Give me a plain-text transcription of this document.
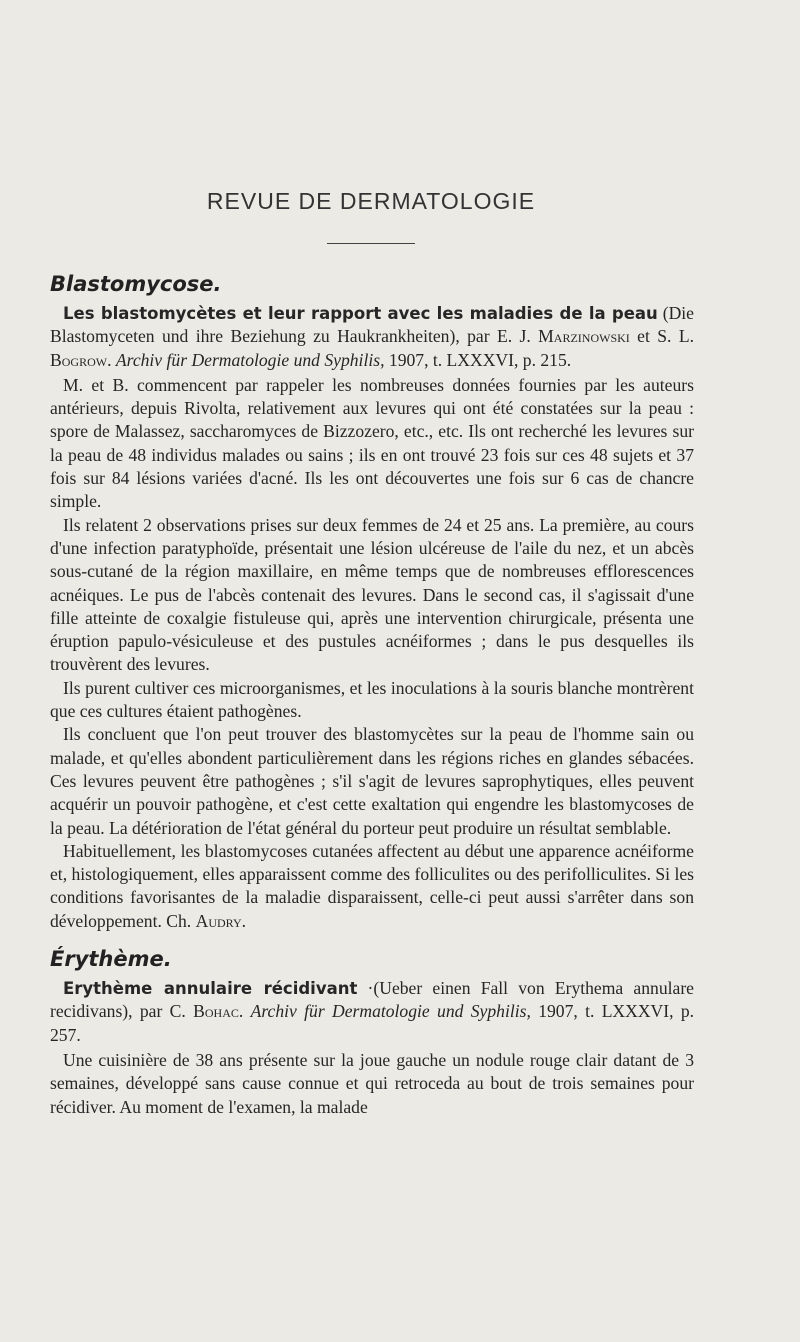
REVUE DE DERMATOLOGIE
Blastomycose.

Les blastomycètes et leur rapport avec les maladies de la peau (Die Blastomyceten und ihre Beziehung zu Haukrankheiten), par E. J. Marzinowski et S. L. Bogrow. Archiv für Dermatologie und Syphilis, 1907, t. LXXXVI, p. 215.

M. et B. commencent par rappeler les nombreuses données fournies par les auteurs antérieurs, depuis Rivolta, relativement aux levures qui ont été constatées sur la peau : spore de Malassez, saccharomyces de Bizzozero, etc., etc. Ils ont recherché les levures sur la peau de 48 individus malades ou sains ; ils en ont trouvé 23 fois sur ces 48 sujets et 37 fois sur 84 lésions variées d'acné. Ils les ont découvertes une fois sur 6 cas de chancre simple.

Ils relatent 2 observations prises sur deux femmes de 24 et 25 ans. La première, au cours d'une infection paratyphoïde, présentait une lésion ulcéreuse de l'aile du nez, et un abcès sous-cutané de la région maxillaire, en même temps que de nombreuses efflorescences acnéiques. Le pus de l'abcès contenait des levures. Dans le second cas, il s'agissait d'une fille atteinte de coxalgie fistuleuse qui, après une intervention chirurgicale, présenta une éruption papulo-vésiculeuse et des pustules acnéiformes ; dans le pus desquelles ils trouvèrent des levures.

Ils purent cultiver ces microorganismes, et les inoculations à la souris blanche montrèrent que ces cultures étaient pathogènes.

Ils concluent que l'on peut trouver des blastomycètes sur la peau de l'homme sain ou malade, et qu'elles abondent particulièrement dans les régions riches en glandes sébacées. Ces levures peuvent être pathogènes ; s'il s'agit de levures saprophytiques, elles peuvent acquérir un pouvoir pathogène, et c'est cette exaltation qui engendre les blastomycoses de la peau. La détérioration de l'état général du porteur peut produire un résultat semblable.

Habituellement, les blastomycoses cutanées affectent au début une apparence acnéiforme et, histologiquement, elles apparaissent comme des folliculites ou des perifolliculites. Si les conditions favorisantes de la maladie disparaissent, celle-ci peut aussi s'arrêter dans son développement. Ch. Audry.

Érythème.

Erythème annulaire récidivant ·(Ueber einen Fall von Erythema annulare recidivans), par C. Bohac. Archiv für Dermatologie und Syphilis, 1907, t. LXXXVI, p. 257.

Une cuisinière de 38 ans présente sur la joue gauche un nodule rouge clair datant de 3 semaines, développé sans cause connue et qui retroceda au bout de trois semaines pour récidiver. Au moment de l'examen, la malade
